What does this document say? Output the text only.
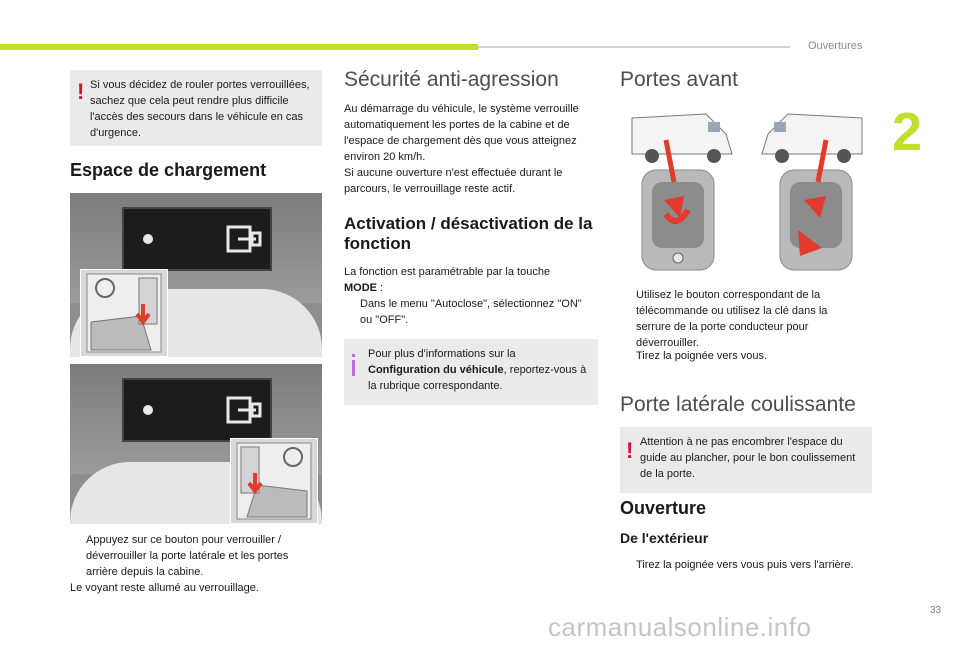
Ouvertures
2
! Si vous décidez de rouler portes verrouillées, sachez que cela peut rendre plus difficile l'accès des secours dans le véhicule en cas d'urgence.
Espace de chargement
Appuyez sur ce bouton pour verrouiller / déverrouiller la porte latérale et les portes arrière depuis la cabine.
Le voyant reste allumé au verrouillage.
Sécurité anti-agression
Au démarrage du véhicule, le système verrouille automatiquement les portes de la cabine et de l'espace de chargement dès que vous atteignez environ 20 km/h.
Si aucune ouverture n'est effectuée durant le parcours, le verrouillage reste actif.
Activation / désactivation de la fonction
La fonction est paramétrable par la touche
MODE :
Dans le menu "Autoclose", sélectionnez "ON" ou "OFF".
Pour plus d'informations sur la Configuration du véhicule, reportez-vous à la rubrique correspondante.
Portes avant
Utilisez le bouton correspondant de la télécommande ou utilisez la clé dans la serrure de la porte conducteur pour déverrouiller.
Tirez la poignée vers vous.
Porte latérale coulissante
! Attention à ne pas encombrer l'espace du guide au plancher, pour le bon coulissement de la porte.
Ouverture
De l'extérieur
Tirez la poignée vers vous puis vers l'arrière.
33
carmanualsonline.info
